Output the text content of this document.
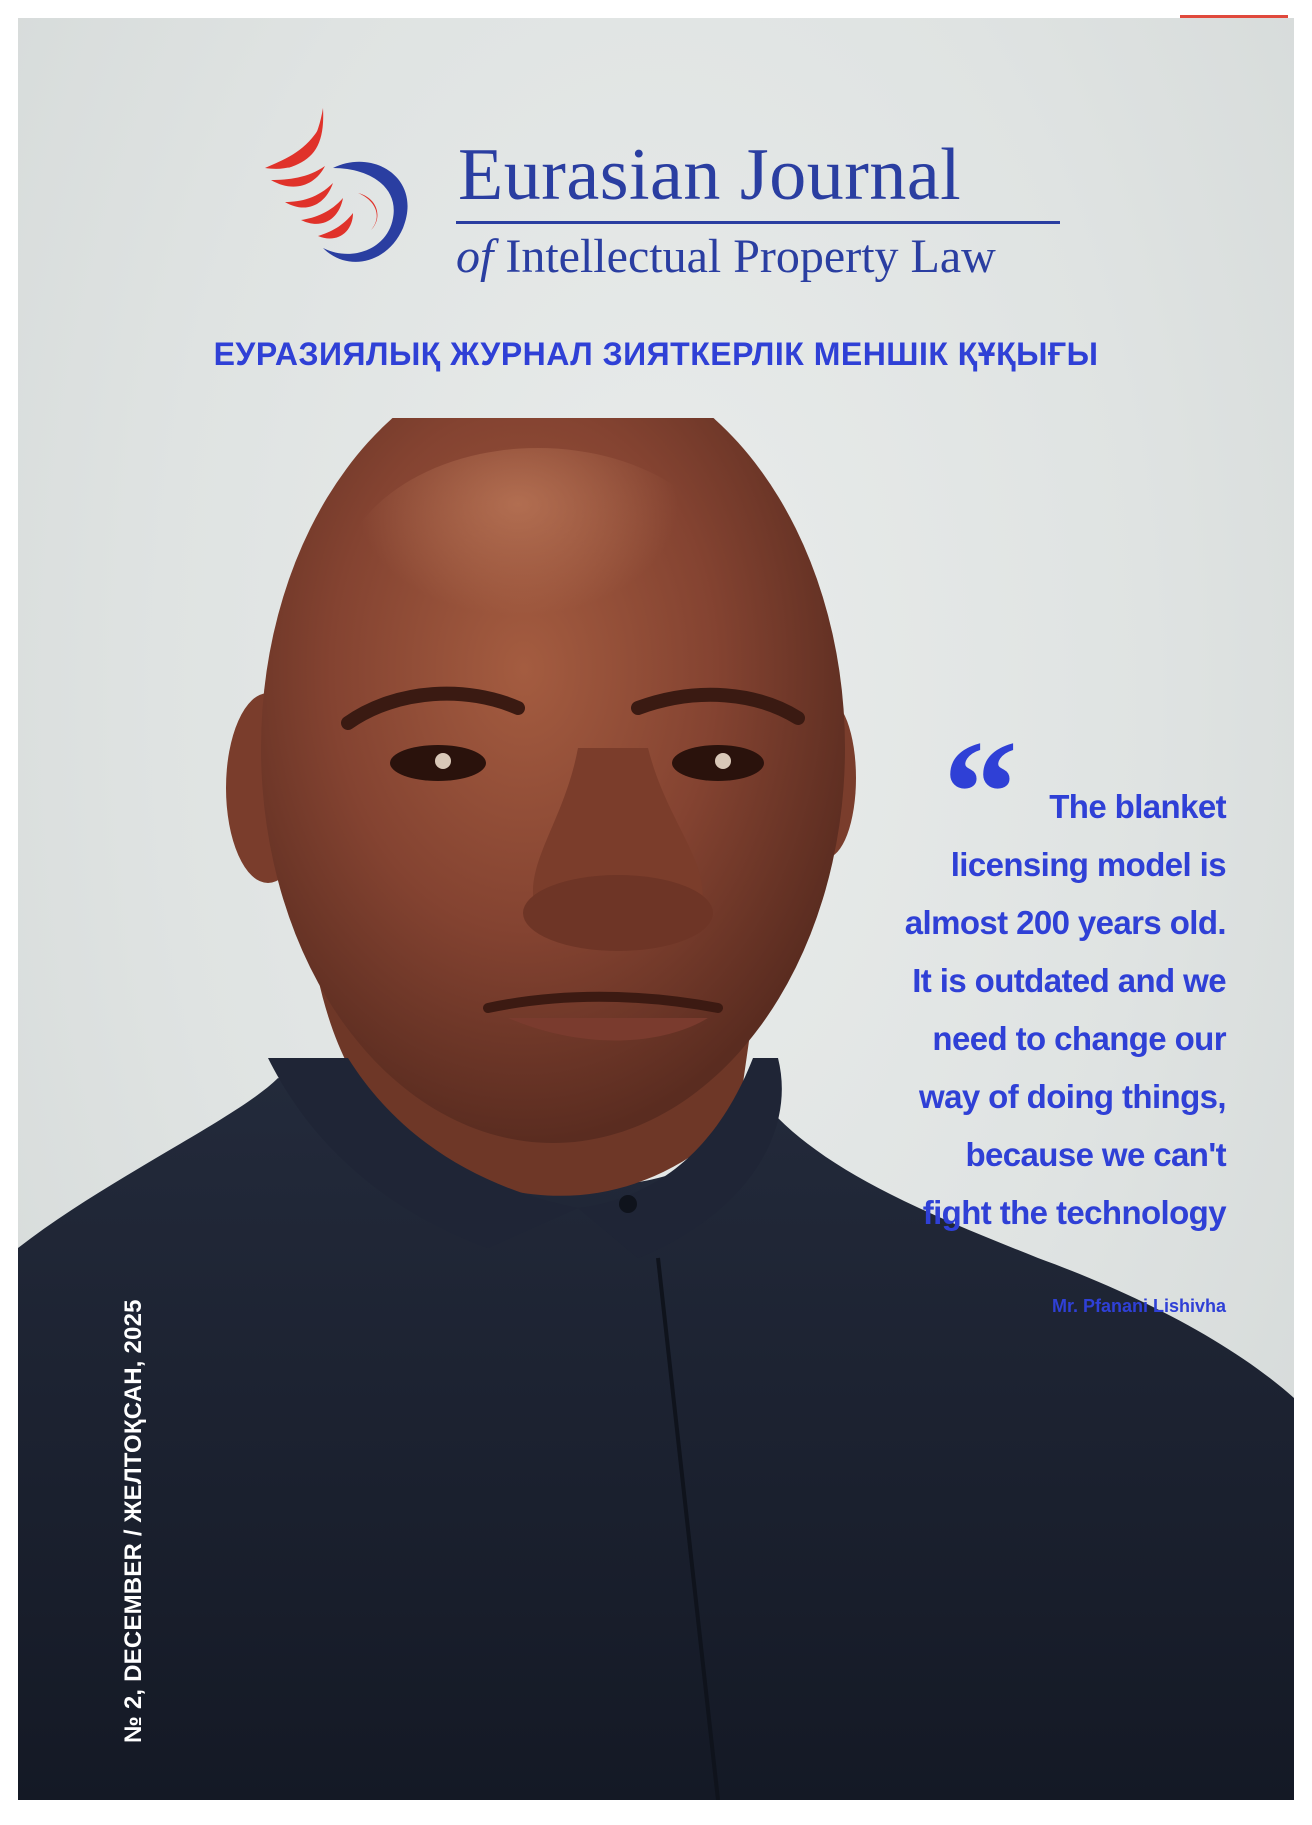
Eurasian Journal
of Intellectual Property Law
ЕУРАЗИЯЛЫҚ ЖУРНАЛ ЗИЯТКЕРЛІК МЕНШІК ҚҰҚЫҒЫ
“ The blanket
licensing model is
almost 200 years old.
It is outdated and we
need to change our
way of doing things,
because we can't
fight the technology
Mr. Pfanani Lishivha
№ 2, DECEMBER / ЖЕЛТОҚСАН, 2025
